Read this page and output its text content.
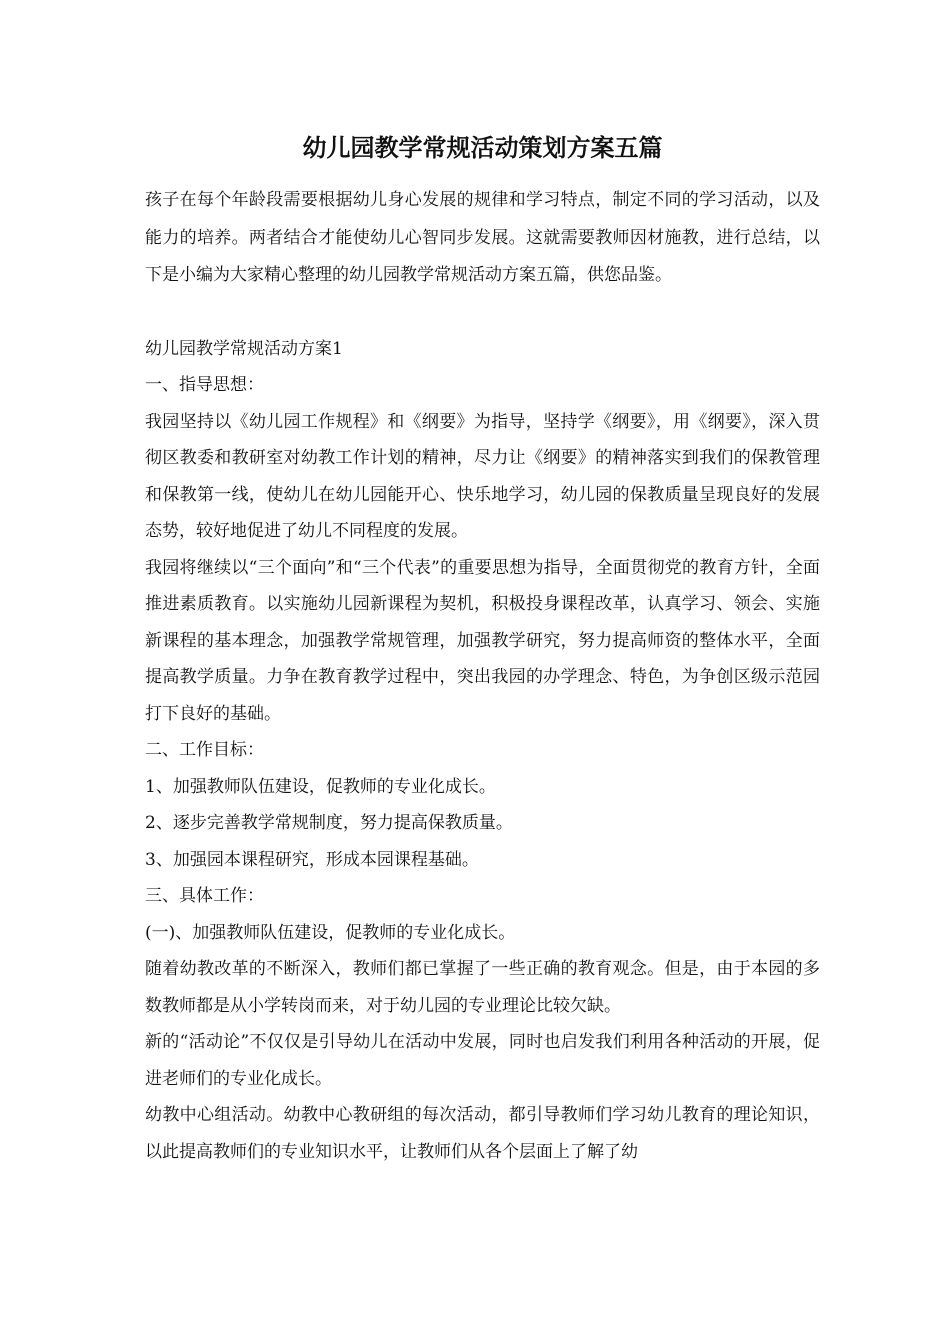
幼儿园教学常规活动策划方案五篇

孩子在每个年龄段需要根据幼儿身心发展的规律和学习特点，制定不同的学习活动，以及能力的培养。两者结合才能使幼儿心智同步发展。这就需要教师因材施教，进行总结，以下是小编为大家精心整理的幼儿园教学常规活动方案五篇，供您品鉴。

幼儿园教学常规活动方案1

一、指导思想：

我园坚持以《幼儿园工作规程》和《纲要》为指导，坚持学《纲要》，用《纲要》，深入贯彻区教委和教研室对幼教工作计划的精神，尽力让《纲要》的精神落实到我们的保教管理和保教第一线，使幼儿在幼儿园能开心、快乐地学习，幼儿园的保教质量呈现良好的发展态势，较好地促进了幼儿不同程度的发展。

我园将继续以“三个面向”和“三个代表”的重要思想为指导，全面贯彻党的教育方针，全面推进素质教育。以实施幼儿园新课程为契机，积极投身课程改革，认真学习、领会、实施新课程的基本理念，加强教学常规管理，加强教学研究，努力提高师资的整体水平，全面提高教学质量。力争在教育教学过程中，突出我园的办学理念、特色，为争创区级示范园打下良好的基础。

二、工作目标：

1、加强教师队伍建设，促教师的专业化成长。

2、逐步完善教学常规制度，努力提高保教质量。

3、加强园本课程研究，形成本园课程基础。

三、具体工作：

(一)、加强教师队伍建设，促教师的专业化成长。

随着幼教改革的不断深入，教师们都已掌握了一些正确的教育观念。但是，由于本园的多数教师都是从小学转岗而来，对于幼儿园的专业理论比较欠缺。

新的“活动论”不仅仅是引导幼儿在活动中发展，同时也启发我们利用各种活动的开展，促进老师们的专业化成长。

幼教中心组活动。幼教中心教研组的每次活动，都引导教师们学习幼儿教育的理论知识，以此提高教师们的专业知识水平，让教师们从各个层面上了解了幼
